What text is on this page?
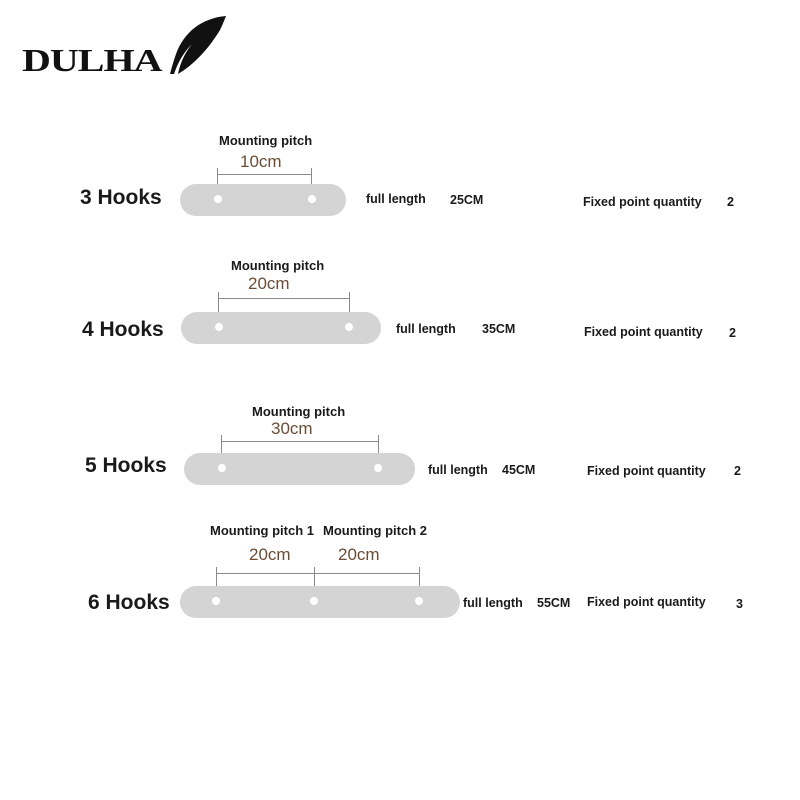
DULHA
3 Hooks
Mounting pitch
10cm
full length 25CM	Fixed point quantity 2
4 Hooks
Mounting pitch
20cm
full length 35CM	Fixed point quantity 2
5 Hooks
Mounting pitch
30cm
full length 45CM	Fixed point quantity 2
6 Hooks
Mounting pitch 1 Mounting pitch 2
20cm	20cm
full length 55CM Fixed point quantity 3
